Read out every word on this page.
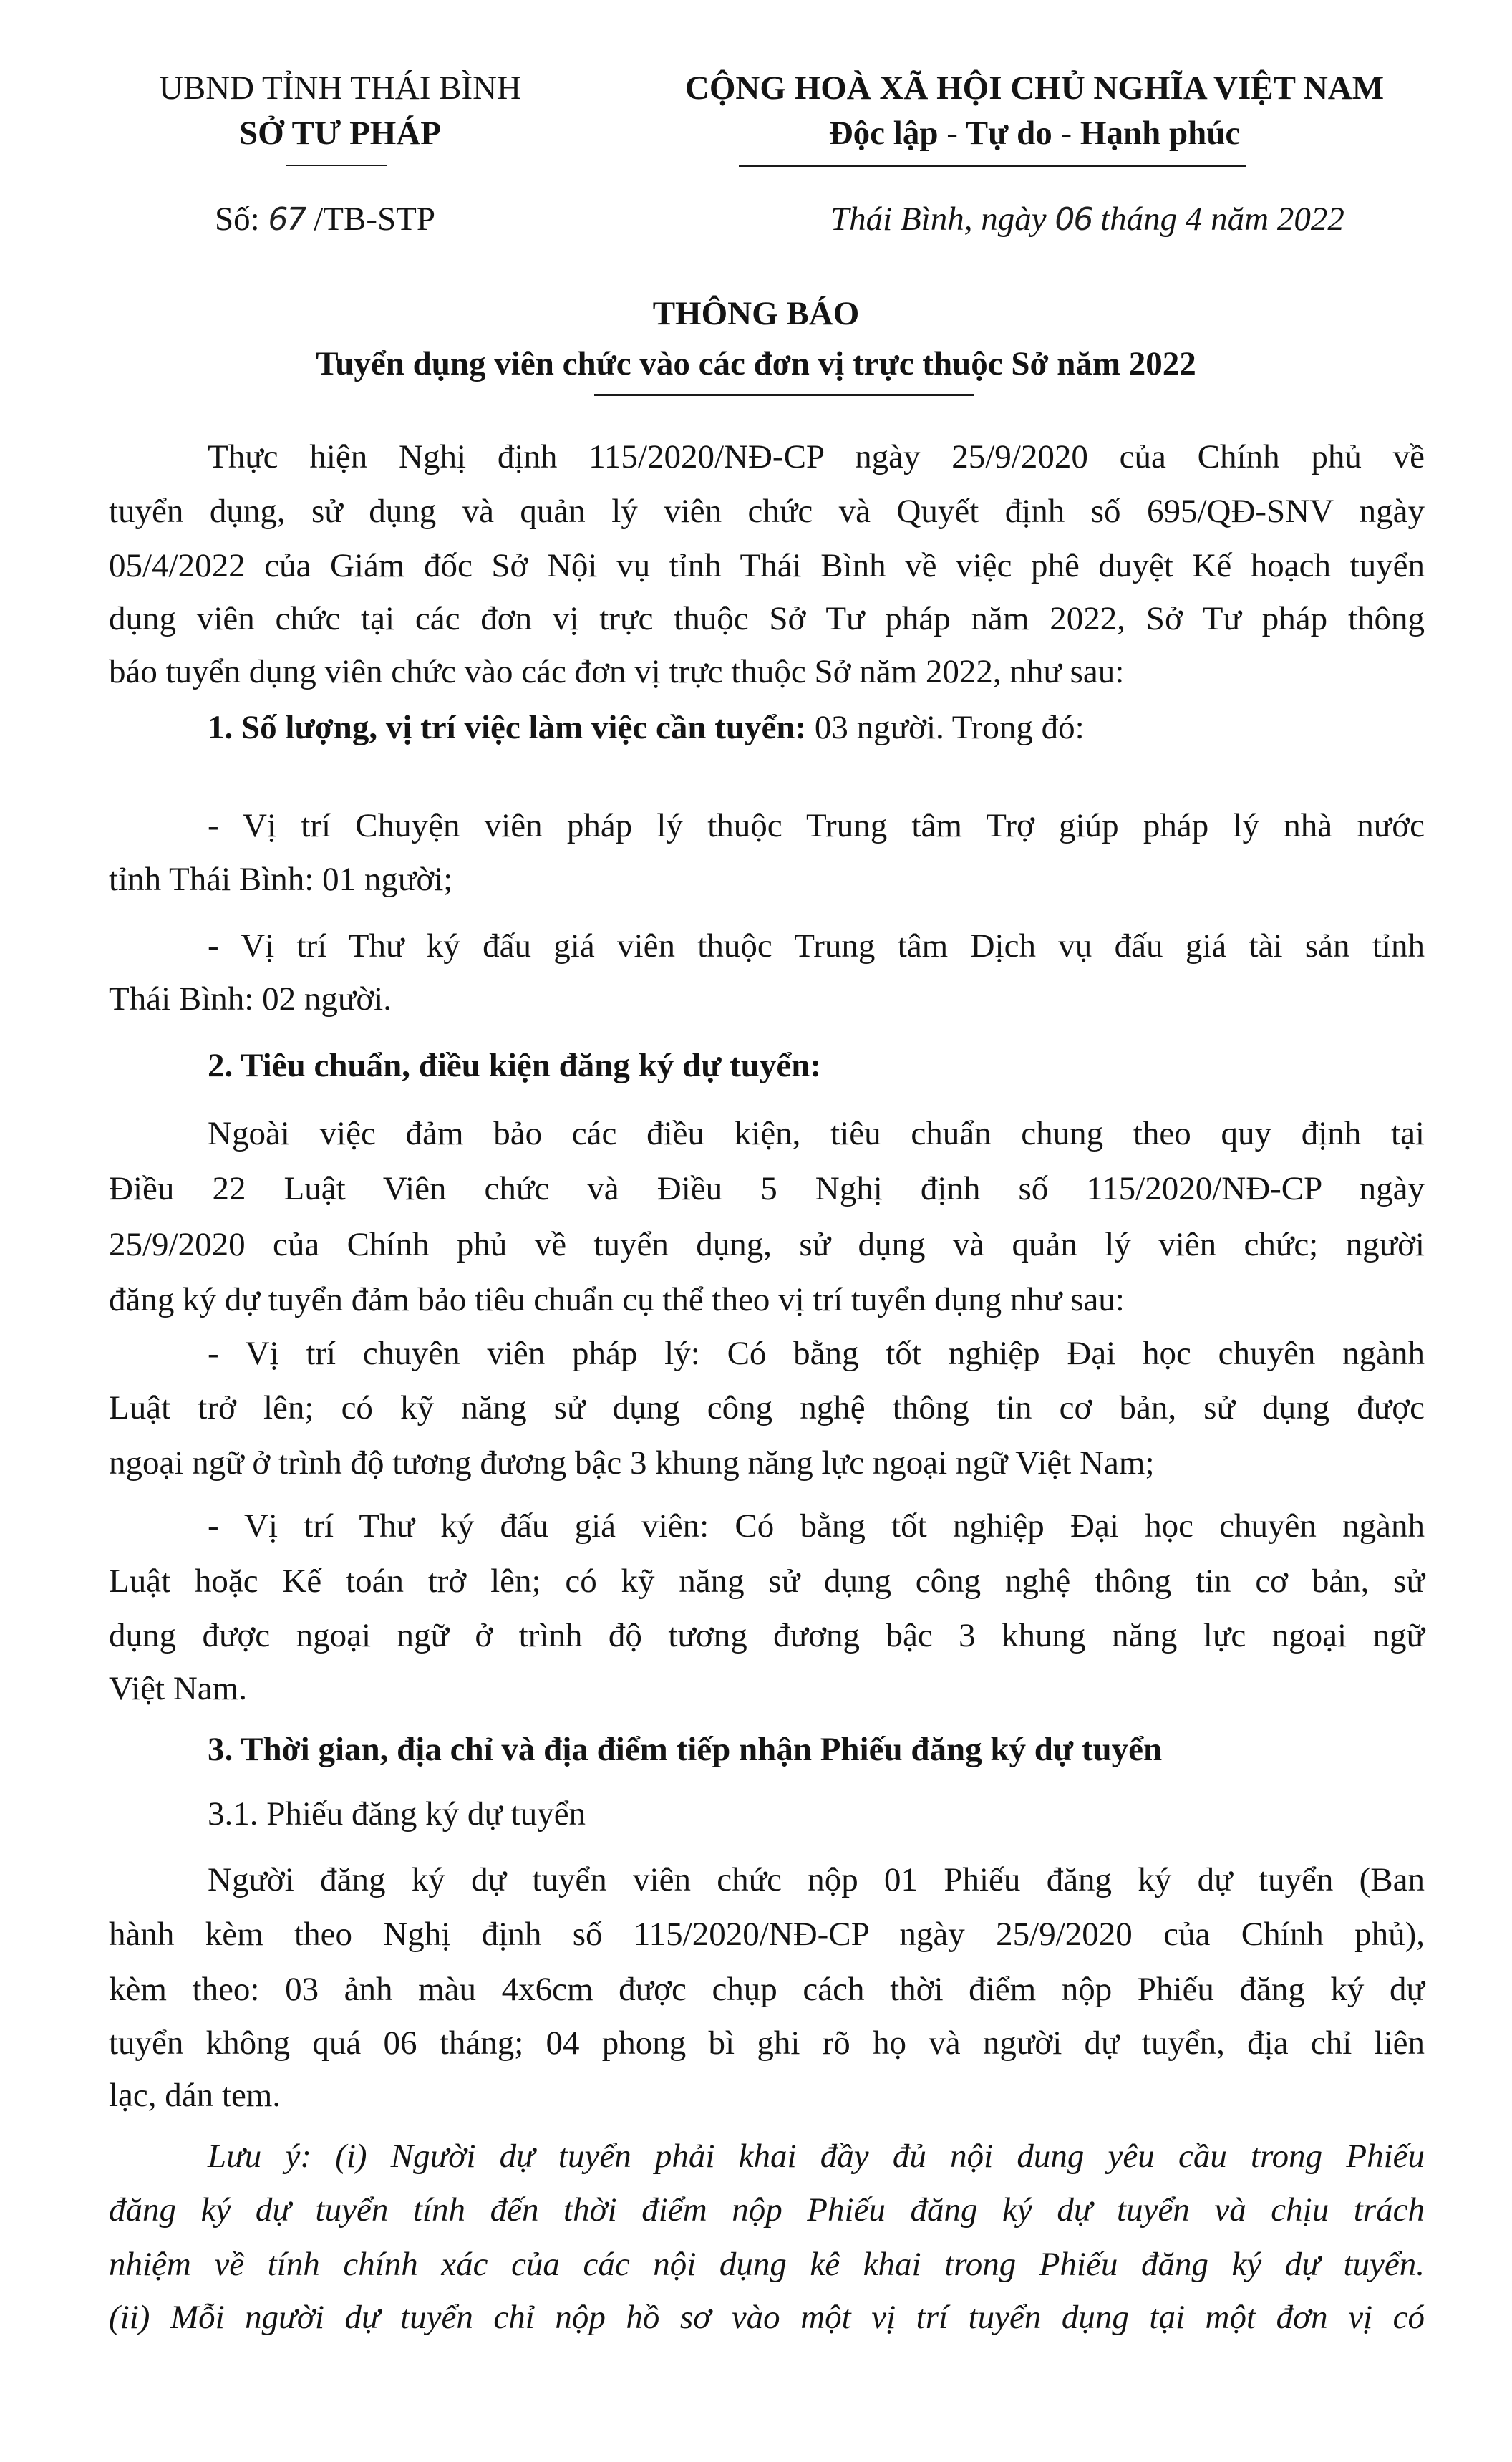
UBND TỈNH THÁI BÌNH
SỞ TƯ PHÁP
Số: 67 /TB-STP
CỘNG HOÀ XÃ HỘI CHỦ NGHĨA VIỆT NAM
Độc lập - Tự do - Hạnh phúc
Thái Bình, ngày 06 tháng 4 năm 2022
THÔNG BÁO
Tuyển dụng viên chức vào các đơn vị trực thuộc Sở năm 2022
Thực hiện Nghị định 115/2020/NĐ-CP ngày 25/9/2020 của Chính phủ về
tuyển dụng, sử dụng và quản lý viên chức và Quyết định số 695/QĐ-SNV ngày
05/4/2022 của Giám đốc Sở Nội vụ tỉnh Thái Bình về việc phê duyệt Kế hoạch tuyển
dụng viên chức tại các đơn vị trực thuộc Sở Tư pháp năm 2022, Sở Tư pháp thông
báo tuyển dụng viên chức vào các đơn vị trực thuộc Sở năm 2022, như sau:
1. Số lượng, vị trí việc làm việc cần tuyển: 03 người. Trong đó:
- Vị trí Chuyện viên pháp lý thuộc Trung tâm Trợ giúp pháp lý nhà nước
tỉnh Thái Bình: 01 người;
- Vị trí Thư ký đấu giá viên thuộc Trung tâm Dịch vụ đấu giá tài sản tỉnh
Thái Bình: 02 người.
2. Tiêu chuẩn, điều kiện đăng ký dự tuyển:
Ngoài việc đảm bảo các điều kiện, tiêu chuẩn chung theo quy định tại
Điều 22 Luật Viên chức và Điều 5 Nghị định số 115/2020/NĐ-CP ngày
25/9/2020 của Chính phủ về tuyển dụng, sử dụng và quản lý viên chức; người
đăng ký dự tuyển đảm bảo tiêu chuẩn cụ thể theo vị trí tuyển dụng như sau:
- Vị trí chuyên viên pháp lý: Có bằng tốt nghiệp Đại học chuyên ngành
Luật trở lên; có kỹ năng sử dụng công nghệ thông tin cơ bản, sử dụng được
ngoại ngữ ở trình độ tương đương bậc 3 khung năng lực ngoại ngữ Việt Nam;
- Vị trí Thư ký đấu giá viên: Có bằng tốt nghiệp Đại học chuyên ngành
Luật hoặc Kế toán trở lên; có kỹ năng sử dụng công nghệ thông tin cơ bản, sử
dụng được ngoại ngữ ở trình độ tương đương bậc 3 khung năng lực ngoại ngữ
Việt Nam.
3. Thời gian, địa chỉ và địa điểm tiếp nhận Phiếu đăng ký dự tuyển
3.1. Phiếu đăng ký dự tuyển
Người đăng ký dự tuyển viên chức nộp 01 Phiếu đăng ký dự tuyển (Ban
hành kèm theo Nghị định số 115/2020/NĐ-CP ngày 25/9/2020 của Chính phủ),
kèm theo: 03 ảnh màu 4x6cm được chụp cách thời điểm nộp Phiếu đăng ký dự
tuyển không quá 06 tháng; 04 phong bì ghi rõ họ và người dự tuyển, địa chỉ liên
lạc, dán tem.
Lưu ý: (i) Người dự tuyển phải khai đầy đủ nội dung yêu cầu trong Phiếu
đăng ký dự tuyển tính đến thời điểm nộp Phiếu đăng ký dự tuyển và chịu trách
nhiệm về tính chính xác của các nội dụng kê khai trong Phiếu đăng ký dự tuyển.
(ii) Mỗi người dự tuyển chỉ nộp hồ sơ vào một vị trí tuyển dụng tại một đơn vị có
